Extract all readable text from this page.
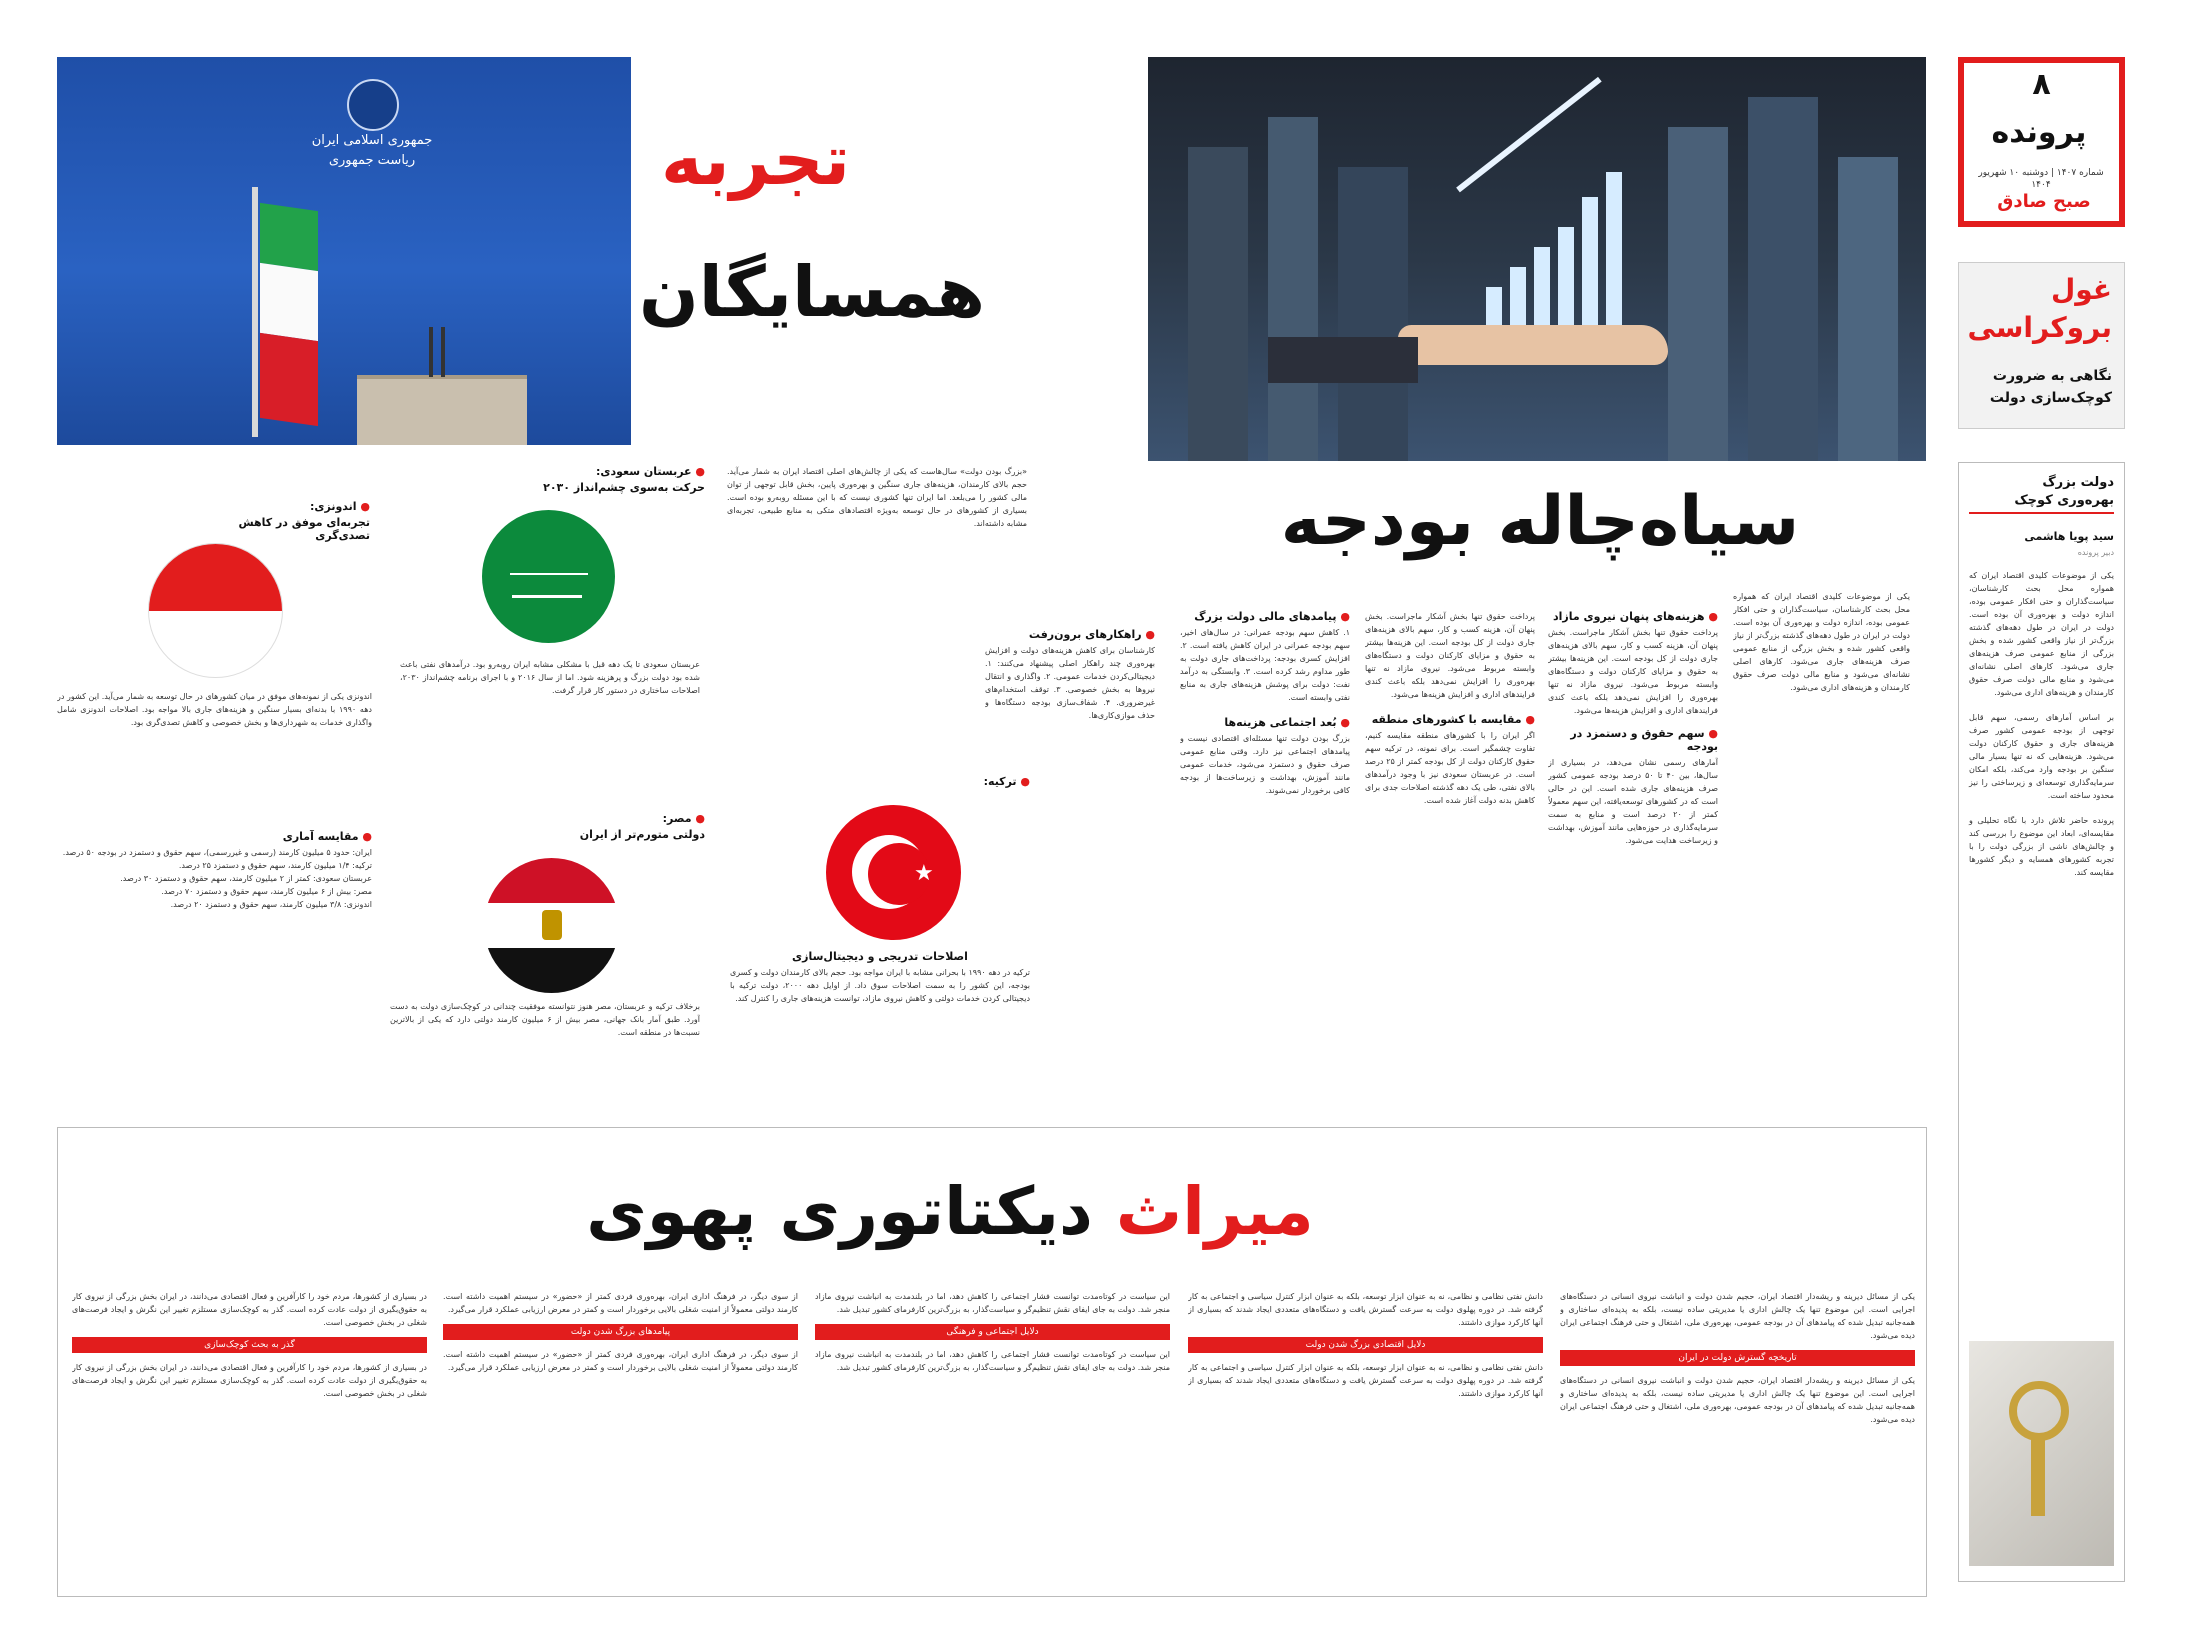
جمهوری اسلامی ایران
ریاست جمهوری	تجربه
همسایگان
۸
پرونده
شماره ۱۴۰۷ | دوشنبه ۱۰ شهریور ۱۴۰۴
صبح صادق
غول
بروکراسی
نگاهی به ضرورت
کوچک‌سازی دولت
دولت بزرگ
بهره‌وری کوچک
سید پویا هاشمی
دبیر پرونده
یکی از موضوعات کلیدی اقتصاد ایران که همواره محل بحث کارشناسان، سیاست‌گذاران و حتی افکار عمومی بوده، اندازه دولت و بهره‌وری آن بوده است. دولت در ایران در طول دهه‌های گذشته بزرگ‌تر از نیاز واقعی کشور شده و بخش بزرگی از منابع عمومی صرف هزینه‌های جاری می‌شود. کارهای اصلی نشانه‌ای می‌شود و منابع مالی دولت صرف حقوق کارمندان و هزینه‌های اداری می‌شود.
بر اساس آمارهای رسمی، سهم قابل توجهی از بودجه عمومی کشور صرف هزینه‌های جاری و حقوق کارکنان دولت می‌شود. هزینه‌هایی که نه تنها بسیار مالی سنگین بر بودجه وارد می‌کند، بلکه امکان سرمایه‌گذاری توسعه‌ای و زیرساختی را نیز محدود ساخته است.
پرونده حاضر تلاش دارد با نگاه تحلیلی و مقایسه‌ای، ابعاد این موضوع را بررسی کند و چالش‌های ناشی از بزرگی دولت را با تجربه کشورهای همسایه و دیگر کشورها مقایسه کند.
سیاه‌چاله بودجه
یکی از موضوعات کلیدی اقتصاد ایران که همواره محل بحث کارشناسان، سیاست‌گذاران و حتی افکار عمومی بوده، اندازه دولت و بهره‌وری آن بوده است. دولت در ایران در طول دهه‌های گذشته بزرگ‌تر از نیاز واقعی کشور شده و بخش بزرگی از منابع عمومی صرف هزینه‌های جاری می‌شود. کارهای اصلی نشانه‌ای می‌شود و منابع مالی دولت صرف حقوق کارمندان و هزینه‌های اداری می‌شود.
● هزینه‌های پنهان نیروی مازاد
پرداخت حقوق تنها بخش آشکار ماجراست. بخش پنهان آن، هزینه کسب و کار، سهم بالای هزینه‌های جاری دولت از کل بودجه است. این هزینه‌ها بیشتر به حقوق و مزایای کارکنان دولت و دستگاه‌های وابسته مربوط می‌شود. نیروی مازاد نه تنها بهره‌وری را افزایش نمی‌دهد بلکه باعث کندی فرایندهای اداری و افزایش هزینه‌ها می‌شود.
● سهم حقوق و دستمزد در بودجه
آمارهای رسمی نشان می‌دهد، در بسیاری از سال‌ها، بین ۴۰ تا ۵۰ درصد بودجه عمومی کشور صرف هزینه‌های جاری شده است. این در حالی است که در کشورهای توسعه‌یافته، این سهم معمولاً کمتر از ۲۰ درصد است و منابع به سمت سرمایه‌گذاری در حوزه‌هایی مانند آموزش، بهداشت و زیرساخت هدایت می‌شود.
پرداخت حقوق تنها بخش آشکار ماجراست. بخش پنهان آن، هزینه کسب و کار، سهم بالای هزینه‌های جاری دولت از کل بودجه است. این هزینه‌ها بیشتر به حقوق و مزایای کارکنان دولت و دستگاه‌های وابسته مربوط می‌شود. نیروی مازاد نه تنها بهره‌وری را افزایش نمی‌دهد بلکه باعث کندی فرایندهای اداری و افزایش هزینه‌ها می‌شود.
● مقایسه با کشورهای منطقه
اگر ایران را با کشورهای منطقه مقایسه کنیم، تفاوت چشمگیر است. برای نمونه، در ترکیه سهم حقوق کارکنان دولت از کل بودجه کمتر از ۲۵ درصد است. در عربستان سعودی نیز با وجود درآمدهای بالای نفتی، طی یک دهه گذشته اصلاحات جدی برای کاهش بدنه دولت آغاز شده است.
● پیامدهای مالی دولت بزرگ
۱. کاهش سهم بودجه عمرانی: در سال‌های اخیر، سهم بودجه عمرانی در ایران کاهش یافته است. ۲. افزایش کسری بودجه: پرداخت‌های جاری دولت به طور مداوم رشد کرده است. ۳. وابستگی به درآمد نفت: دولت برای پوشش هزینه‌های جاری به منابع نفتی وابسته است.
● بُعد اجتماعی هزینه‌ها
بزرگ بودن دولت تنها مسئله‌ای اقتصادی نیست و پیامدهای اجتماعی نیز دارد. وقتی منابع عمومی صرف حقوق و دستمزد می‌شود، خدمات عمومی مانند آموزش، بهداشت و زیرساخت‌ها از بودجه کافی برخوردار نمی‌شوند.
● راهکارهای برون‌رفت
کارشناسان برای کاهش هزینه‌های دولت و افزایش بهره‌وری چند راهکار اصلی پیشنهاد می‌کنند: ۱. دیجیتالی‌کردن خدمات عمومی. ۲. واگذاری و انتقال نیروها به بخش خصوصی. ۳. توقف استخدام‌های غیرضروری. ۴. شفاف‌سازی بودجه دستگاه‌ها و حذف موازی‌کاری‌ها.
«بزرگ بودن دولت» سال‌هاست که یکی از چالش‌های اصلی اقتصاد ایران به شمار می‌آید. حجم بالای کارمندان، هزینه‌های جاری سنگین و بهره‌وری پایین، بخش قابل توجهی از توان مالی کشور را می‌بلعد. اما ایران تنها کشوری نیست که با این مسئله روبه‌رو بوده است. بسیاری از کشورهای در حال توسعه به‌ویژه اقتصادهای متکی به منابع طبیعی، تجربه‌ای مشابه داشته‌اند.
● ترکیه:
★
اصلاحات تدریجی و دیجیتال‌سازی
ترکیه در دهه ۱۹۹۰ با بحرانی مشابه با ایران مواجه بود. حجم بالای کارمندان دولت و کسری بودجه، این کشور را به سمت اصلاحات سوق داد. از اوایل دهه ۲۰۰۰، دولت ترکیه با دیجیتالی کردن خدمات دولتی و کاهش نیروی مازاد، توانست هزینه‌های جاری را کنترل کند.
● عربستان سعودی:
حرکت به‌سوی چشم‌انداز ۲۰۳۰
عربستان سعودی تا یک دهه قبل با مشکلی مشابه ایران روبه‌رو بود. درآمدهای نفتی باعث شده بود دولت بزرگ و پرهزینه شود. اما از سال ۲۰۱۶ و با اجرای برنامه چشم‌انداز ۲۰۳۰، اصلاحات ساختاری در دستور کار قرار گرفت.
● مصر:
دولتی متورم‌تر از ایران
برخلاف ترکیه و عربستان، مصر هنوز نتوانسته موفقیت چندانی در کوچک‌سازی دولت به دست آورد. طبق آمار بانک جهانی، مصر بیش از ۶ میلیون کارمند دولتی دارد که یکی از بالاترین نسبت‌ها در منطقه است.
● اندونزی:
تجربه‌ای موفق در کاهش تصدی‌گری
اندونزی یکی از نمونه‌های موفق در میان کشورهای در حال توسعه به شمار می‌آید. این کشور در دهه ۱۹۹۰ با بدنه‌ای بسیار سنگین و هزینه‌های جاری بالا مواجه بود. اصلاحات اندونزی شامل واگذاری خدمات به شهرداری‌ها و بخش خصوصی و کاهش تصدی‌گری بود.
● مقایسه آماری
ایران: حدود ۵ میلیون کارمند (رسمی و غیررسمی)، سهم حقوق و دستمزد در بودجه ۵۰ درصد.
ترکیه: ۱/۴ میلیون کارمند، سهم حقوق و دستمزد ۲۵ درصد.
عربستان سعودی: کمتر از ۲ میلیون کارمند، سهم حقوق و دستمزد ۳۰ درصد.
مصر: بیش از ۶ میلیون کارمند، سهم حقوق و دستمزد ۷۰ درصد.
اندونزی: ۳/۸ میلیون کارمند، سهم حقوق و دستمزد ۲۰ درصد.
میراث دیکتاتوری پهوی
یکی از مسائل دیرینه و ریشه‌دار اقتصاد ایران، حجیم شدن دولت و انباشت نیروی انسانی در دستگاه‌های اجرایی است. این موضوع تنها یک چالش اداری یا مدیریتی ساده نیست، بلکه به پدیده‌ای ساختاری و همه‌جانبه تبدیل شده که پیامدهای آن در بودجه عمومی، بهره‌وری ملی، اشتغال و حتی فرهنگ اجتماعی ایران دیده می‌شود.
تاریخچه گسترش دولت در ایران
یکی از مسائل دیرینه و ریشه‌دار اقتصاد ایران، حجیم شدن دولت و انباشت نیروی انسانی در دستگاه‌های اجرایی است. این موضوع تنها یک چالش اداری یا مدیریتی ساده نیست، بلکه به پدیده‌ای ساختاری و همه‌جانبه تبدیل شده که پیامدهای آن در بودجه عمومی، بهره‌وری ملی، اشتغال و حتی فرهنگ اجتماعی ایران دیده می‌شود.
دانش نفتی نظامی و نظامی، نه به عنوان ابزار توسعه، بلکه به عنوان ابزار کنترل سیاسی و اجتماعی به کار گرفته شد. در دوره پهلوی دولت به سرعت گسترش یافت و دستگاه‌های متعددی ایجاد شدند که بسیاری از آنها کارکرد موازی داشتند.
دلایل اقتصادی بزرگ شدن دولت
دانش نفتی نظامی و نظامی، نه به عنوان ابزار توسعه، بلکه به عنوان ابزار کنترل سیاسی و اجتماعی به کار گرفته شد. در دوره پهلوی دولت به سرعت گسترش یافت و دستگاه‌های متعددی ایجاد شدند که بسیاری از آنها کارکرد موازی داشتند.
این سیاست در کوتاه‌مدت توانست فشار اجتماعی را کاهش دهد، اما در بلندمدت به انباشت نیروی مازاد منجر شد. دولت به جای ایفای نقش تنظیم‌گر و سیاست‌گذار، به بزرگ‌ترین کارفرمای کشور تبدیل شد.
دلایل اجتماعی و فرهنگی
این سیاست در کوتاه‌مدت توانست فشار اجتماعی را کاهش دهد، اما در بلندمدت به انباشت نیروی مازاد منجر شد. دولت به جای ایفای نقش تنظیم‌گر و سیاست‌گذار، به بزرگ‌ترین کارفرمای کشور تبدیل شد.
از سوی دیگر، در فرهنگ اداری ایران، بهره‌وری فردی کمتر از «حضور» در سیستم اهمیت داشته است. کارمند دولتی معمولاً از امنیت شغلی بالایی برخوردار است و کمتر در معرض ارزیابی عملکرد قرار می‌گیرد.
پیامدهای بزرگ شدن دولت
از سوی دیگر، در فرهنگ اداری ایران، بهره‌وری فردی کمتر از «حضور» در سیستم اهمیت داشته است. کارمند دولتی معمولاً از امنیت شغلی بالایی برخوردار است و کمتر در معرض ارزیابی عملکرد قرار می‌گیرد.
در بسیاری از کشورها، مردم خود را کارآفرین و فعال اقتصادی می‌دانند، در ایران بخش بزرگی از نیروی کار به حقوق‌بگیری از دولت عادت کرده است. گذر به کوچک‌سازی مستلزم تغییر این نگرش و ایجاد فرصت‌های شغلی در بخش خصوصی است.
گذر به بحث کوچک‌سازی
در بسیاری از کشورها، مردم خود را کارآفرین و فعال اقتصادی می‌دانند، در ایران بخش بزرگی از نیروی کار به حقوق‌بگیری از دولت عادت کرده است. گذر به کوچک‌سازی مستلزم تغییر این نگرش و ایجاد فرصت‌های شغلی در بخش خصوصی است.
